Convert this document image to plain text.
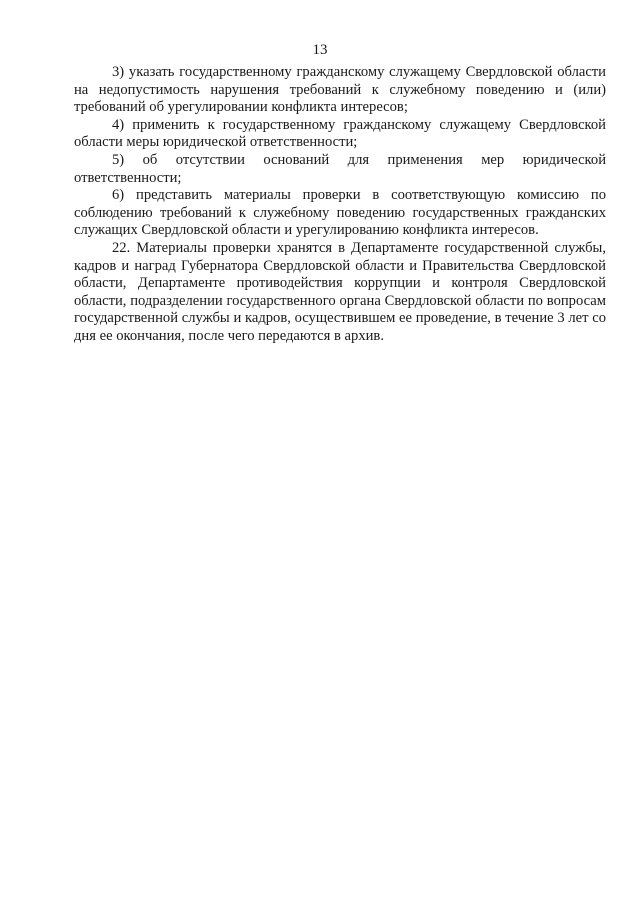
13

3) указать государственному гражданскому служащему Свердловской области на недопустимость нарушения требований к служебному поведению и (или) требований об урегулировании конфликта интересов;

4) применить к государственному гражданскому служащему Свердловской области меры юридической ответственности;

5) об отсутствии оснований для применения мер юридической ответственности;

6) представить материалы проверки в соответствующую комиссию по соблюдению требований к служебному поведению государственных гражданских служащих Свердловской области и урегулированию конфликта интересов.

22. Материалы проверки хранятся в Департаменте государственной службы, кадров и наград Губернатора Свердловской области и Правительства Свердловской области, Департаменте противодействия коррупции и контроля Свердловской области, подразделении государственного органа Свердловской области по вопросам государственной службы и кадров, осуществившем ее проведение, в течение 3 лет со дня ее окончания, после чего передаются в архив.
